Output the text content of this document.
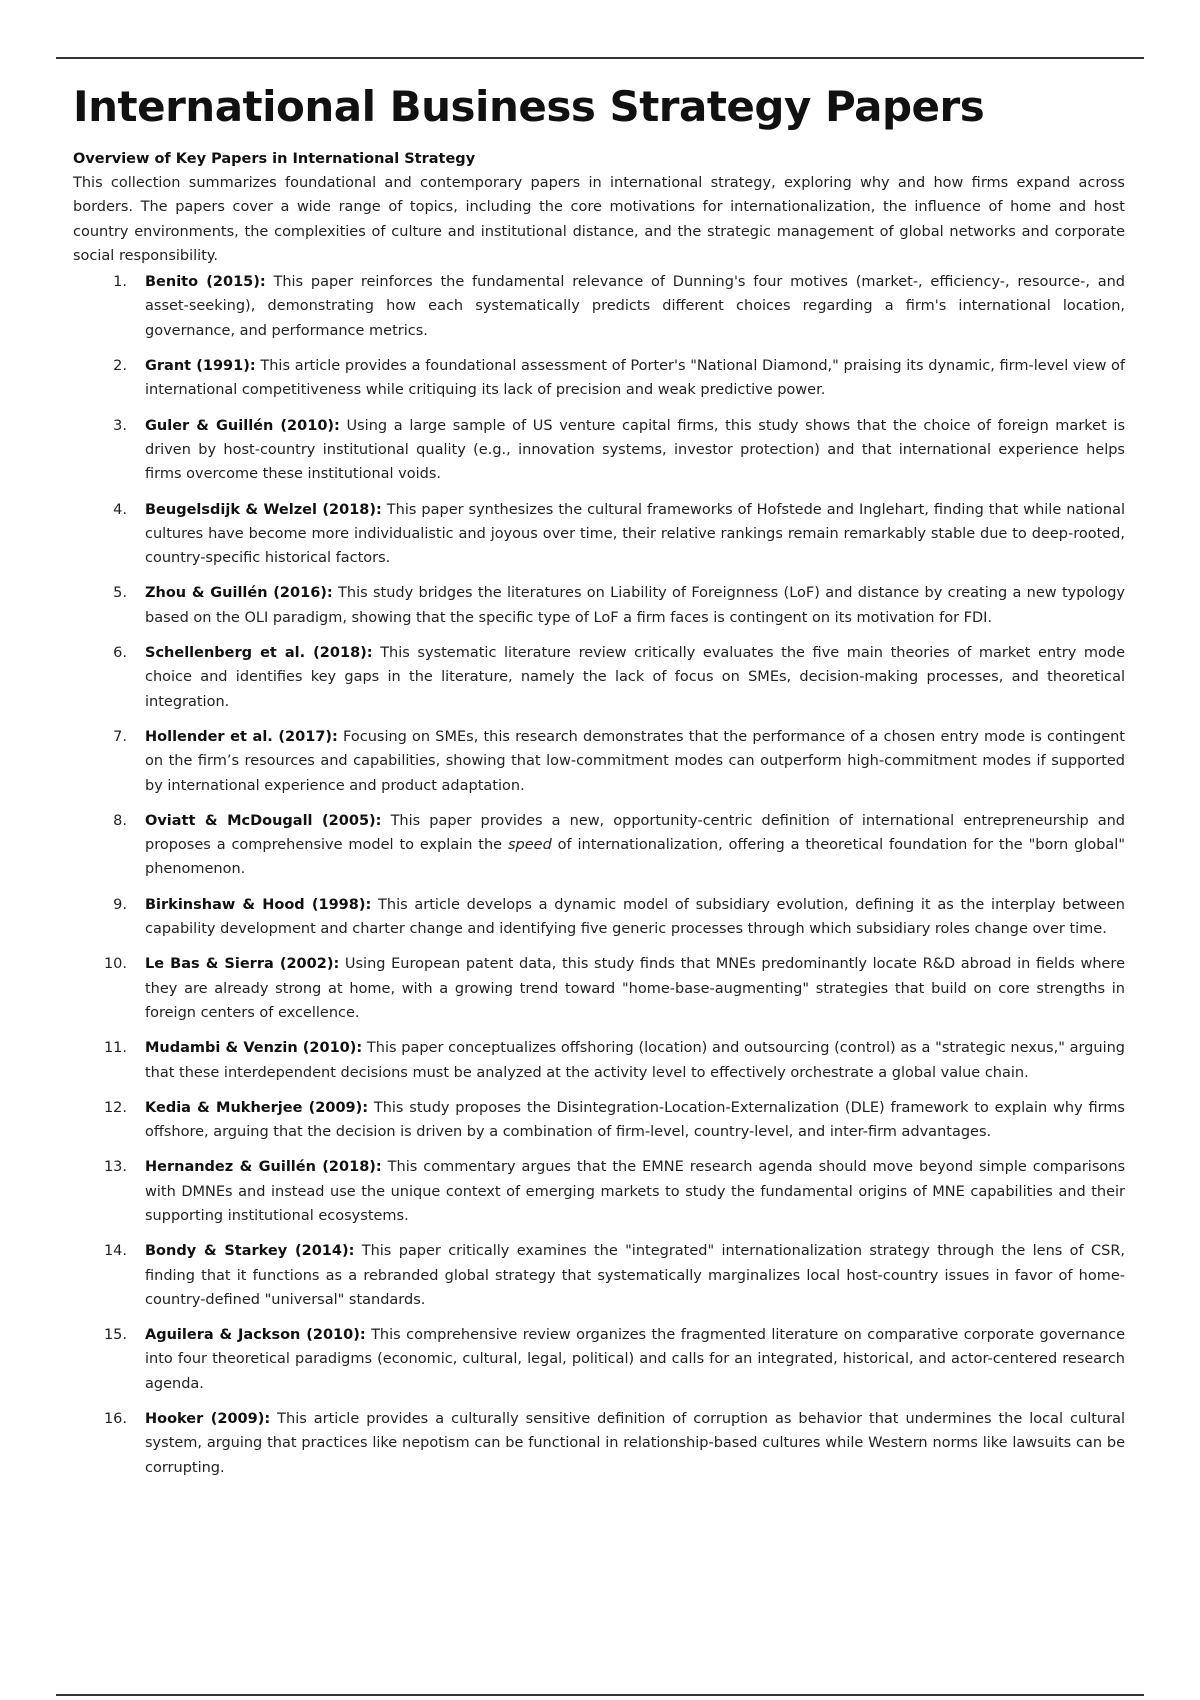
International Business Strategy Papers
Overview of Key Papers in International Strategy

This collection summarizes foundational and contemporary papers in international strategy, exploring why and how firms expand across borders. The papers cover a wide range of topics, including the core motivations for internationalization, the influence of home and host country environments, the complexities of culture and institutional distance, and the strategic management of global networks and corporate social responsibility.

1. Benito (2015): This paper reinforces the fundamental relevance of Dunning's four motives (market-, efficiency-, resource-, and asset-seeking), demonstrating how each systematically predicts different choices regarding a firm's international location, governance, and performance metrics.
2. Grant (1991): This article provides a foundational assessment of Porter's "National Diamond," praising its dynamic, firm-level view of international competitiveness while critiquing its lack of precision and weak predictive power.
3. Guler & Guillén (2010): Using a large sample of US venture capital firms, this study shows that the choice of foreign market is driven by host-country institutional quality (e.g., innovation systems, investor protection) and that international experience helps firms overcome these institutional voids.
4. Beugelsdijk & Welzel (2018): This paper synthesizes the cultural frameworks of Hofstede and Inglehart, finding that while national cultures have become more individualistic and joyous over time, their relative rankings remain remarkably stable due to deep-rooted, country-specific historical factors.
5. Zhou & Guillén (2016): This study bridges the literatures on Liability of Foreignness (LoF) and distance by creating a new typology based on the OLI paradigm, showing that the specific type of LoF a firm faces is contingent on its motivation for FDI.
6. Schellenberg et al. (2018): This systematic literature review critically evaluates the five main theories of market entry mode choice and identifies key gaps in the literature, namely the lack of focus on SMEs, decision-making processes, and theoretical integration.
7. Hollender et al. (2017): Focusing on SMEs, this research demonstrates that the performance of a chosen entry mode is contingent on the firm’s resources and capabilities, showing that low-commitment modes can outperform high-commitment modes if supported by international experience and product adaptation.
8. Oviatt & McDougall (2005): This paper provides a new, opportunity-centric definition of international entrepreneurship and proposes a comprehensive model to explain the speed of internationalization, offering a theoretical foundation for the "born global" phenomenon.
9. Birkinshaw & Hood (1998): This article develops a dynamic model of subsidiary evolution, defining it as the interplay between capability development and charter change and identifying five generic processes through which subsidiary roles change over time.
10. Le Bas & Sierra (2002): Using European patent data, this study finds that MNEs predominantly locate R&D abroad in fields where they are already strong at home, with a growing trend toward "home-base-augmenting" strategies that build on core strengths in foreign centers of excellence.
11. Mudambi & Venzin (2010): This paper conceptualizes offshoring (location) and outsourcing (control) as a "strategic nexus," arguing that these interdependent decisions must be analyzed at the activity level to effectively orchestrate a global value chain.
12. Kedia & Mukherjee (2009): This study proposes the Disintegration-Location-Externalization (DLE) framework to explain why firms offshore, arguing that the decision is driven by a combination of firm-level, country-level, and inter-firm advantages.
13. Hernandez & Guillén (2018): This commentary argues that the EMNE research agenda should move beyond simple comparisons with DMNEs and instead use the unique context of emerging markets to study the fundamental origins of MNE capabilities and their supporting institutional ecosystems.
14. Bondy & Starkey (2014): This paper critically examines the "integrated" internationalization strategy through the lens of CSR, finding that it functions as a rebranded global strategy that systematically marginalizes local host-country issues in favor of home-country-defined "universal" standards.
15. Aguilera & Jackson (2010): This comprehensive review organizes the fragmented literature on comparative corporate governance into four theoretical paradigms (economic, cultural, legal, political) and calls for an integrated, historical, and actor-centered research agenda.
16. Hooker (2009): This article provides a culturally sensitive definition of corruption as behavior that undermines the local cultural system, arguing that practices like nepotism can be functional in relationship-based cultures while Western norms like lawsuits can be corrupting.
